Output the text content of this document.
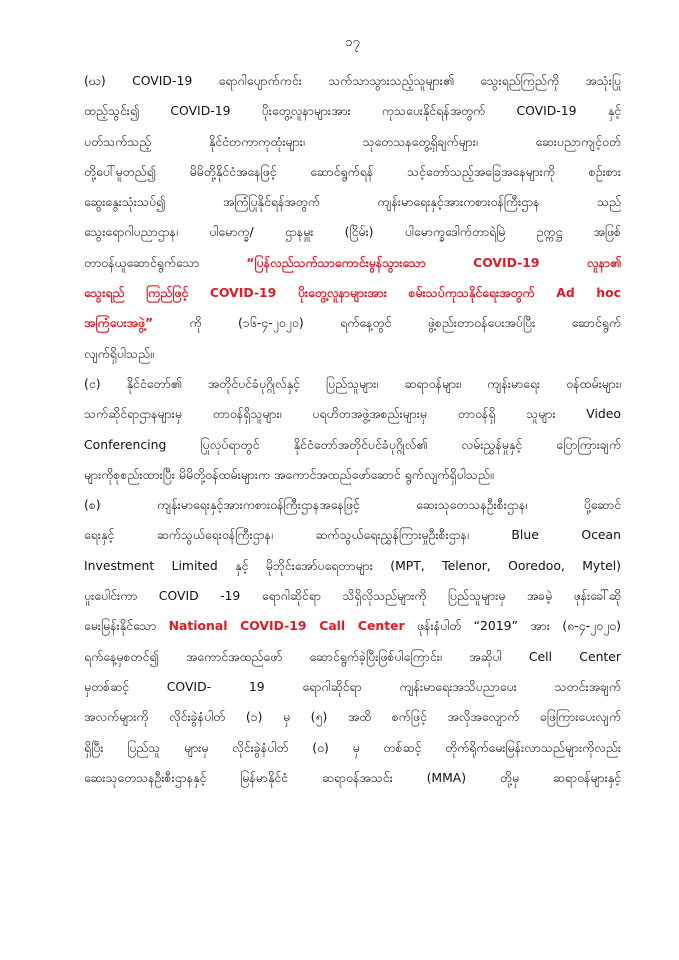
၁၇
(ဃ) COVID-19 ရောဂါပျောက်ကင်း သက်သာသွားသည့်သူများ၏ သွေးရည်ကြည်ကို အသုံးပြု
ထည့်သွင်း၍ COVID-19 ပိုးတွေ့လူနာများအား ကုသပေးနိုင်ရန်အတွက် COVID-19 နှင့်
ပတ်သက်သည့် နိုင်ငံတကာကုထုံးများ၊ သုတေသနတွေ့ရှိချက်များ၊ ဆေးပညာကျင့်ဝတ်
တို့ပေါ်မူတည်၍ မိမိတို့နိုင်ငံအနေဖြင့် ဆောင်ရွက်ရန် သင့်တော်သည့်အခြေအနေများကို စဉ်းစား
ဆွေးနွေးသုံးသပ်၍ အကြံပြုနိုင်ရန်အတွက် ကျန်းမာရေးနှင့်အားကစားဝန်ကြီးဌာန သည်
သွေးရောဂါပညာဌာန၊ ပါမောက္ခ/ ဌာနမှူး (ငြိမ်း) ပါမောက္ခဒေါက်တာရဲမြဲ ဥက္ကဋ္ဌ အဖြစ်
တာဝန်ယူဆောင်ရွက်သော “ပြန်လည်သက်သာကောင်းမွန်သွားသော COVID-19 လူနာ၏
သွေးရည် ကြည်ဖြင့် COVID-19 ပိုးတွေ့လူနာများအား စမ်းသပ်ကုသနိုင်ရေးအတွက် Ad hoc
အကြံပေးအဖွဲ့” ကို (၁၆-၄-၂၀၂၀) ရက်နေ့တွင် ဖွဲ့စည်းတာဝန်ပေးအပ်ပြီး ဆောင်ရွက်
လျက်ရှိပါသည်။
(င) နိုင်ငံတော်၏ အတိုင်ပင်ခံပုဂ္ဂိုလ်နှင့် ပြည်သူများ၊ ဆရာဝန်များ၊ ကျန်းမာရေး ဝန်ထမ်းများ၊
သက်ဆိုင်ရာဌာနများမှ တာဝန်ရှိသူများ၊ ပရဟိတအဖွဲ့အစည်းများမှ တာဝန်ရှိ သူများ Video
Conferencing ပြုလုပ်ရာတွင် နိုင်ငံတော်အတိုင်ပင်ခံပုဂ္ဂိုလ်၏ လမ်းညွှန်မှုနှင့် ပြောကြားချက်
များကိုစုစည်းထားပြီး မိမိတို့ဝန်ထမ်းများက အကောင်အထည်ဖော်ဆောင် ရွက်လျက်ရှိပါသည်။
(စ) ကျန်းမာရေးနှင့်အားကစားဝန်ကြီးဌာနအနေဖြင့် ဆေးသုတေသနဦးစီးဌာန၊ ပို့ဆောင်
ရေးနှင့် ဆက်သွယ်ရေးဝန်ကြီးဌာန၊ ဆက်သွယ်ရေးညွှန်ကြားမှုဦးစီးဌာန၊ Blue Ocean
Investment Limited နှင့် မိုဘိုင်းအော်ပရေတာများ (MPT, Telenor, Ooredoo, Mytel)
ပူးပေါင်းကာ COVID -19 ရောဂါဆိုင်ရာ သိရှိလိုသည်များကို ပြည်သူများမှ အခမဲ့ ဖုန်းခေါ်ဆို
မေးမြန်းနိုင်သော National COVID-19 Call Center ဖုန်းနံပါတ် “2019” အား (၈-၄-၂၀၂၀)
ရက်နေ့မှစတင်၍ အကောင်အထည်ဖော် ဆောင်ရွက်ခဲ့ပြီးဖြစ်ပါကြောင်း၊ အဆိုပါ Cell Center
မှတစ်ဆင့် COVID- 19 ရောဂါဆိုင်ရာ ကျန်းမာရေးအသိပညာပေး သတင်းအချက်
အလက်များကို လိုင်းခွဲနံပါတ် (၁) မှ (၅) အထိ စက်ဖြင့် အလိုအလျောက် ဖြေကြားပေးလျက်
ရှိပြီး ပြည်သူ များမှ လိုင်းခွဲနံပါတ် (၀) မှ တစ်ဆင့် တိုက်ရိုက်မေးမြန်းလာသည်များကိုလည်း
ဆေးသုတေသနဦးစီးဌာနနှင့် မြန်မာနိုင်ငံ ဆရာဝန်အသင်း (MMA) တို့မှ ဆရာဝန်များနှင့်
